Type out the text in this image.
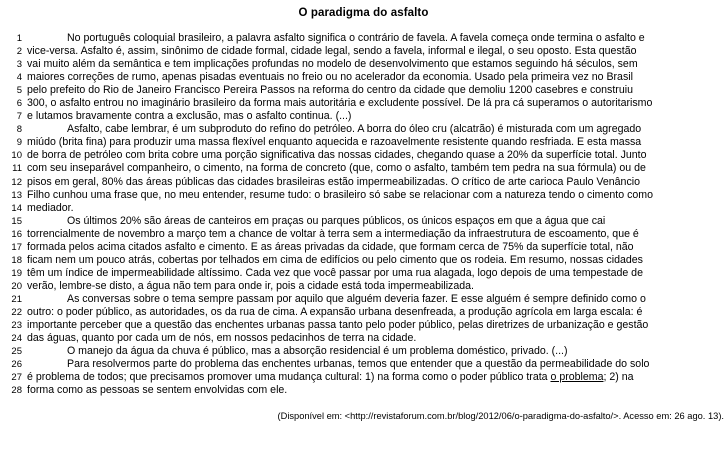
O paradigma do asfalto
1	No português coloquial brasileiro, a palavra asfalto significa o contrário de favela. A favela começa onde termina o asfalto e
2 vice-versa. Asfalto é, assim, sinônimo de cidade formal, cidade legal, sendo a favela, informal e ilegal, o seu oposto. Esta questão
3 vai muito além da semântica e tem implicações profundas no modelo de desenvolvimento que estamos seguindo há séculos, sem
4 maiores correções de rumo, apenas pisadas eventuais no freio ou no acelerador da economia. Usado pela primeira vez no Brasil
5 pelo prefeito do Rio de Janeiro Francisco Pereira Passos na reforma do centro da cidade que demoliu 1200 casebres e construiu
6 300, o asfalto entrou no imaginário brasileiro da forma mais autoritária e excludente possível. De lá pra cá superamos o autoritarismo
7 e lutamos bravamente contra a exclusão, mas o asfalto continua. (...)
8	Asfalto, cabe lembrar, é um subproduto do refino do petróleo. A borra do óleo cru (alcatrão) é misturada com um agregado
9 miúdo (brita fina) para produzir uma massa flexível enquanto aquecida e razoavelmente resistente quando resfriada. E esta massa
10 de borra de petróleo com brita cobre uma porção significativa das nossas cidades, chegando quase a 20% da superfície total. Junto
11 com seu inseparável companheiro, o cimento, na forma de concreto (que, como o asfalto, também tem pedra na sua fórmula) ou de
12 pisos em geral, 80% das áreas públicas das cidades brasileiras estão impermeabilizadas. O crítico de arte carioca Paulo Venâncio
13 Filho cunhou uma frase que, no meu entender, resume tudo: o brasileiro só sabe se relacionar com a natureza tendo o cimento como
14 mediador.
15	Os últimos 20% são áreas de canteiros em praças ou parques públicos, os únicos espaços em que a água que cai
16 torrencialmente de novembro a março tem a chance de voltar à terra sem a intermediação da infraestrutura de escoamento, que é
17 formada pelos acima citados asfalto e cimento. E as áreas privadas da cidade, que formam cerca de 75% da superfície total, não
18 ficam nem um pouco atrás, cobertas por telhados em cima de edifícios ou pelo cimento que os rodeia. Em resumo, nossas cidades
19 têm um índice de impermeabilidade altíssimo. Cada vez que você passar por uma rua alagada, logo depois de uma tempestade de
20 verão, lembre-se disto, a água não tem para onde ir, pois a cidade está toda impermeabilizada.
21	As conversas sobre o tema sempre passam por aquilo que alguém deveria fazer. E esse alguém é sempre definido como o
22 outro: o poder público, as autoridades, os da rua de cima. A expansão urbana desenfreada, a produção agrícola em larga escala: é
23 importante perceber que a questão das enchentes urbanas passa tanto pelo poder público, pelas diretrizes de urbanização e gestão
24 das águas, quanto por cada um de nós, em nossos pedacinhos de terra na cidade.
25	O manejo da água da chuva é público, mas a absorção residencial é um problema doméstico, privado. (...)
26	Para resolvermos parte do problema das enchentes urbanas, temos que entender que a questão da permeabilidade do solo
27 é problema de todos; que precisamos promover uma mudança cultural: 1) na forma como o poder público trata o problema; 2) na
28 forma como as pessoas se sentem envolvidas com ele.
(Disponível em: <http://revistaforum.com.br/blog/2012/06/o-paradigma-do-asfalto/>. Acesso em: 26 ago. 13).
